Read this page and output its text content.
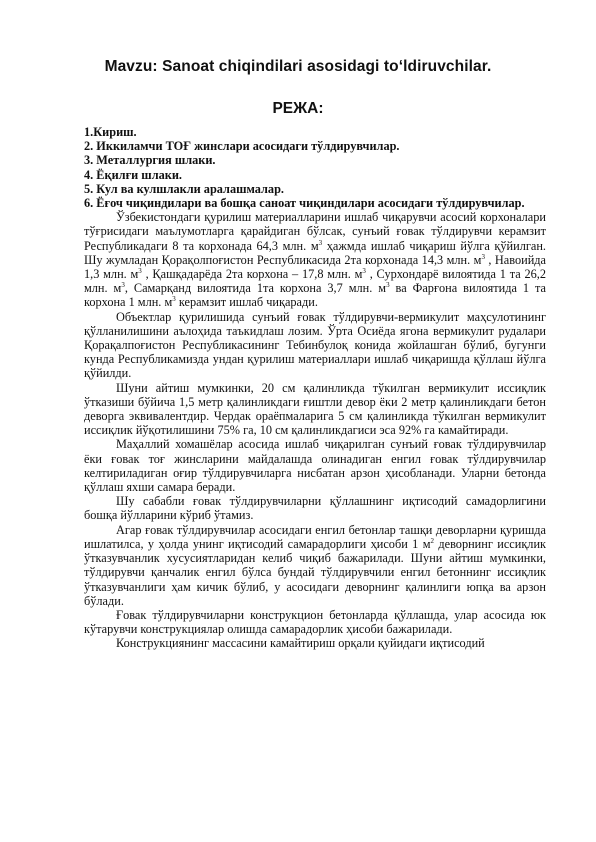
Mavzu: Sanoat chiqindilari asosidagi to‘ldiruvchilar.
РЕЖА:

1.Кириш.

2. Иккиламчи ТОҒ жинслари асосидаги тўлдирувчилар.

3. Металлургия шлаки.

4. Ёқилғи шлаки.

5. Кул ва кулшлакли аралашмалар.

6. Ёғоч чиқиндилари ва бошқа саноат чиқиндилари асосидаги тўлдирувчилар.

Ўзбекистондаги қурилиш материалларини ишлаб чиқарувчи асосий корхоналари тўғрисидаги маълумотларга қарайдиган бўлсак, сунъий ғовак тўлдирувчи керамзит Республикадаги 8 та корхонада 64,3 млн. $м^3$ ҳажмда ишлаб чиқариш йўлга қўйилган. Шу жумладан Қорақолпоғистон Республикасида 2та корхонада 14,3 млн. $м^3$ , Навоийда 1,3 млн. $м^3$ , Қашқадарёда 2та корхона – 17,8 млн. $м^3$ , Сурхондарё вилоятида 1 та 26,2 млн. $м^3$, Самарқанд вилоятида 1та корхона 3,7 млн. $м^3$ ва Фарғона вилоятида 1 та корхона 1 млн. $м^3$ керамзит ишлаб чиқаради.

Объектлар қурилишида сунъий ғовак тўлдирувчи-вермикулит маҳсулотининг қўлланилишини аълоҳида таъкидлаш лозим. Ўрта Осиёда ягона вермикулит рудалари Қорақалпоғистон Республикасининг Тебинбулоқ конида жойлашган бўлиб, бугунги кунда Республикамизда ундан қурилиш материаллари ишлаб чиқаришда қўллаш йўлга қўйилди.

Шуни айтиш мумкинки, 20 см қалинликда тўкилган вермикулит иссиқлик ўтказиши бўйича 1,5 метр қалинликдаги ғиштли девор ёки 2 метр қалинликдаги бетон деворга эквивалентдир. Чердак ораёпмаларига 5 см қалинликда тўкилган вермикулит иссиқлик йўқотилишини 75% га, 10 см қалинликдагиси эса 92% га камайтиради.

Маҳаллий хомашёлар асосида ишлаб чиқарилган сунъий ғовак тўлдирувчилар ёки ғовак тоғ жинсларини майдалашда олинадиган енгил ғовак тўлдирувчилар келтириладиган оғир тўлдирувчиларга нисбатан арзон ҳисобланади. Уларни бетонда қўллаш яхши самара беради.

Шу сабабли ғовак тўлдирувчиларни қўллашнинг иқтисодий самадорлигини бошқа йўлларини кўриб ўтамиз.

Агар ғовак тўлдирувчилар асосидаги енгил бетонлар ташқи деворларни қуришда ишлатилса, у ҳолда унинг иқтисодий самарадорлиги ҳисоби 1 $м^2$ деворнинг иссиқлик ўтказувчанлик хусусиятларидан келиб чиқиб бажарилади. Шуни айтиш мумкинки, тўлдирувчи қанчалик енгил бўлса бундай тўлдирувчили енгил бетоннинг иссиқлик ўтказувчанлиги ҳам кичик бўлиб, у асосидаги деворнинг қалинлиги юпқа ва арзон бўлади.

Ғовак тўлдирувчиларни конструкцион бетонларда қўллашда, улар асосида юк кўтарувчи конструкциялар олишда самарадорлик ҳисоби бажарилади.

Конструкциянинг массасини камайтириш орқали қуйидаги иқтисодий
